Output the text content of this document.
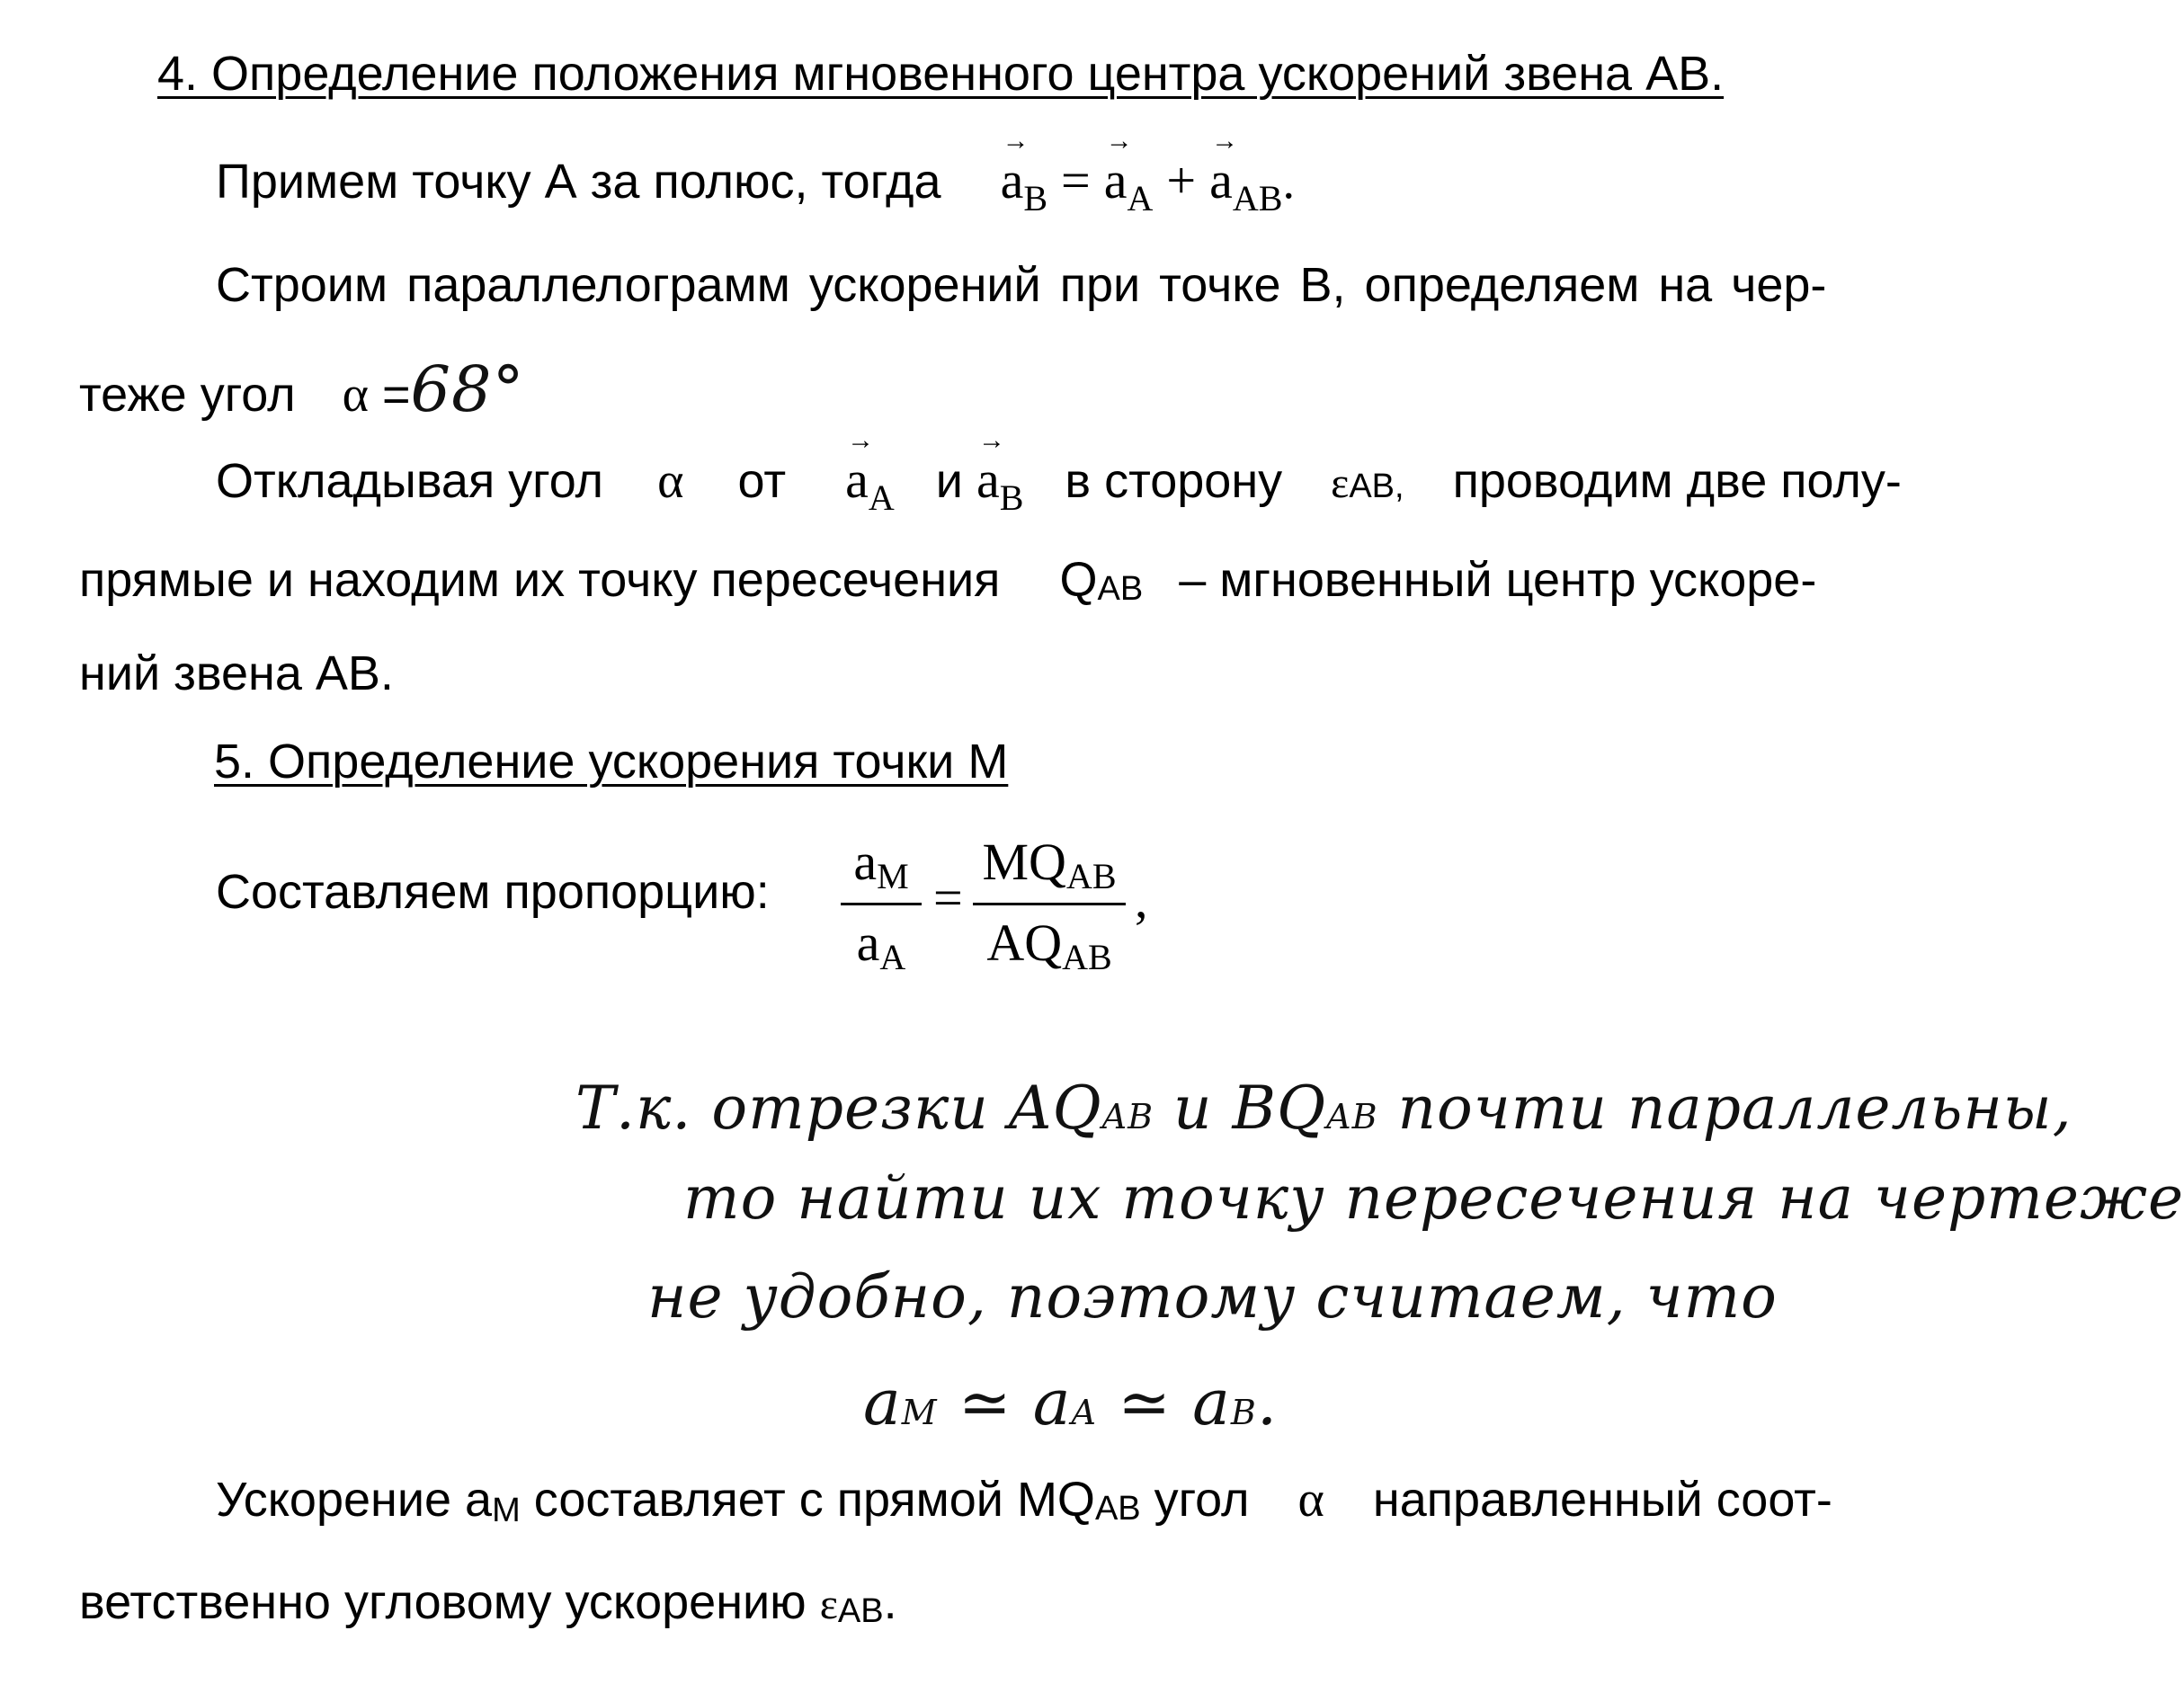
4. Определение положения мгновенного центра ускорений звена АВ.
Примем точку А за полюс, тогда → $a_B$ = → $a_A$ + → $a_{AB}$.
Строим параллелограмм ускорений при точке В, определяем на чер-
теже угол α =68°
Откладывая угол α от → $a_A$ $и \to a_B$ в сторону εAB, проводим две полу-
прямые и находим их точку пересечения QAB – мгновенный центр ускоре-
ний звена АВ.
5. Определение ускорения точки М
Составляем пропорцию:
$a_M$
$a_A$
=
$MQ_{AB}$
$AQ_{AB}$
,
Т.к. отрезки AQAB и BQAB почти параллельны,
то найти их точку пересечения на чертеже
не удобно, поэтому считаем, что
aM ≃ aA ≃ aB.
Ускорение aM составляет с прямой MQAB угол α направленный соот-
ветственно угловому ускорению εAB.
